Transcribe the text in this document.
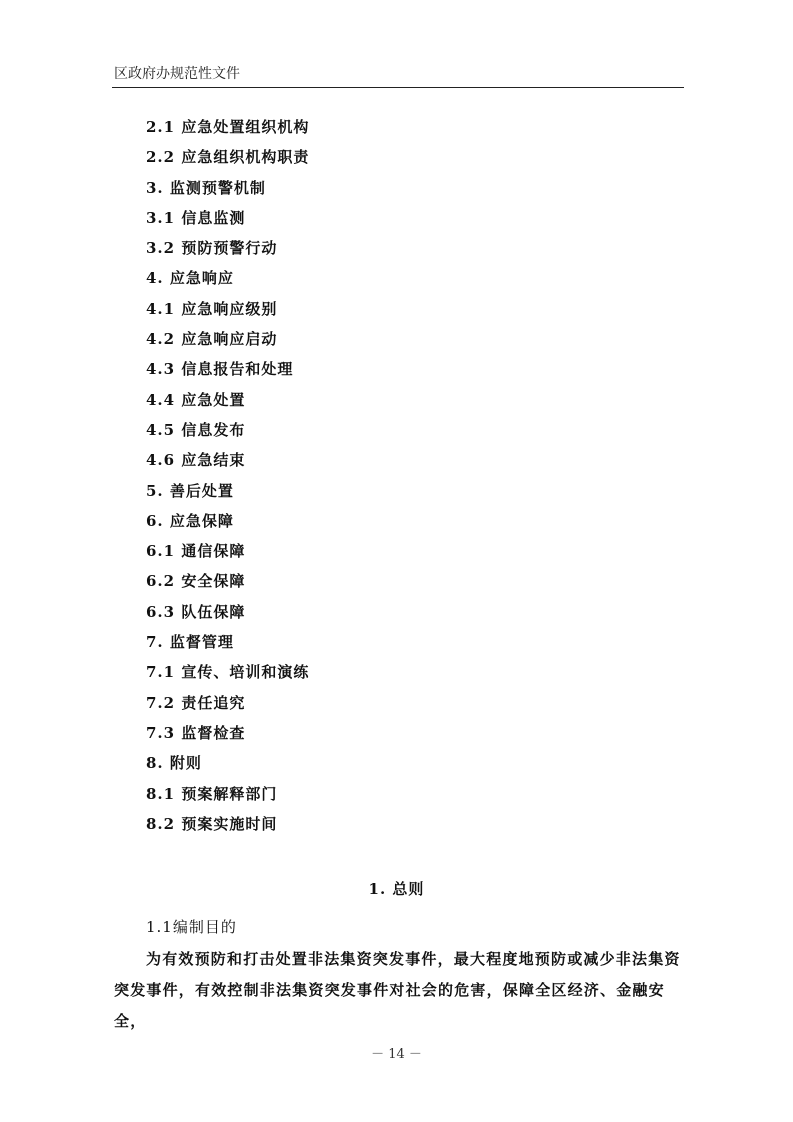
区政府办规范性文件
2.1 应急处置组织机构
2.2 应急组织机构职责
3. 监测预警机制
3.1 信息监测
3.2 预防预警行动
4. 应急响应
4.1 应急响应级别
4.2 应急响应启动
4.3 信息报告和处理
4.4 应急处置
4.5 信息发布
4.6 应急结束
5. 善后处置
6. 应急保障
6.1 通信保障
6.2 安全保障
6.3 队伍保障
7. 监督管理
7.1 宣传、培训和演练
7.2 责任追究
7.3 监督检查
8. 附则
8.1 预案解释部门
8.2 预案实施时间
1. 总则
1.1编制目的

为有效预防和打击处置非法集资突发事件，最大程度地预防或减少非法集资突发事件，有效控制非法集资突发事件对社会的危害，保障全区经济、金融安全，

－ 14 －
